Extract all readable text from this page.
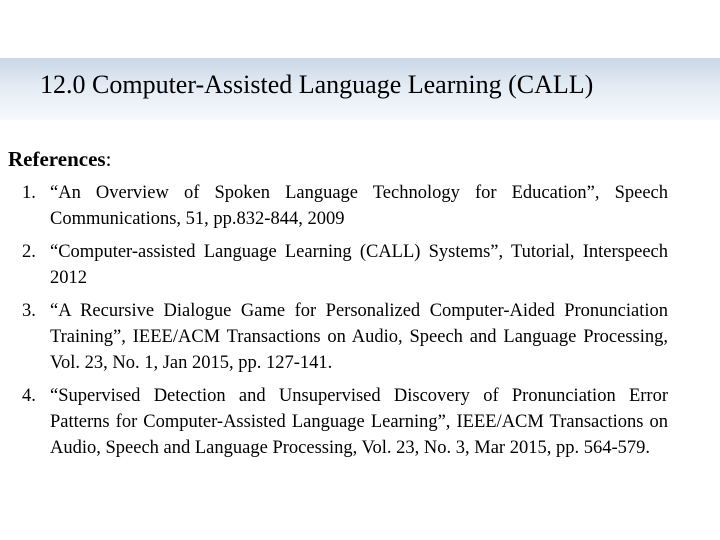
12.0 Computer-Assisted Language Learning (CALL)
References:
1. “An Overview of Spoken Language Technology for Education”, Speech Communications, 51, pp.832-844, 2009
2. “Computer-assisted Language Learning (CALL) Systems”, Tutorial, Interspeech 2012
3. “A Recursive Dialogue Game for Personalized Computer-Aided Pronunciation Training”, IEEE/ACM Transactions on Audio, Speech and Language Processing, Vol. 23, No. 1, Jan 2015, pp. 127-141.
4. “Supervised Detection and Unsupervised Discovery of Pronunciation Error Patterns for Computer-Assisted Language Learning”, IEEE/ACM Transactions on Audio, Speech and Language Processing, Vol. 23, No. 3, Mar 2015, pp. 564-579.
